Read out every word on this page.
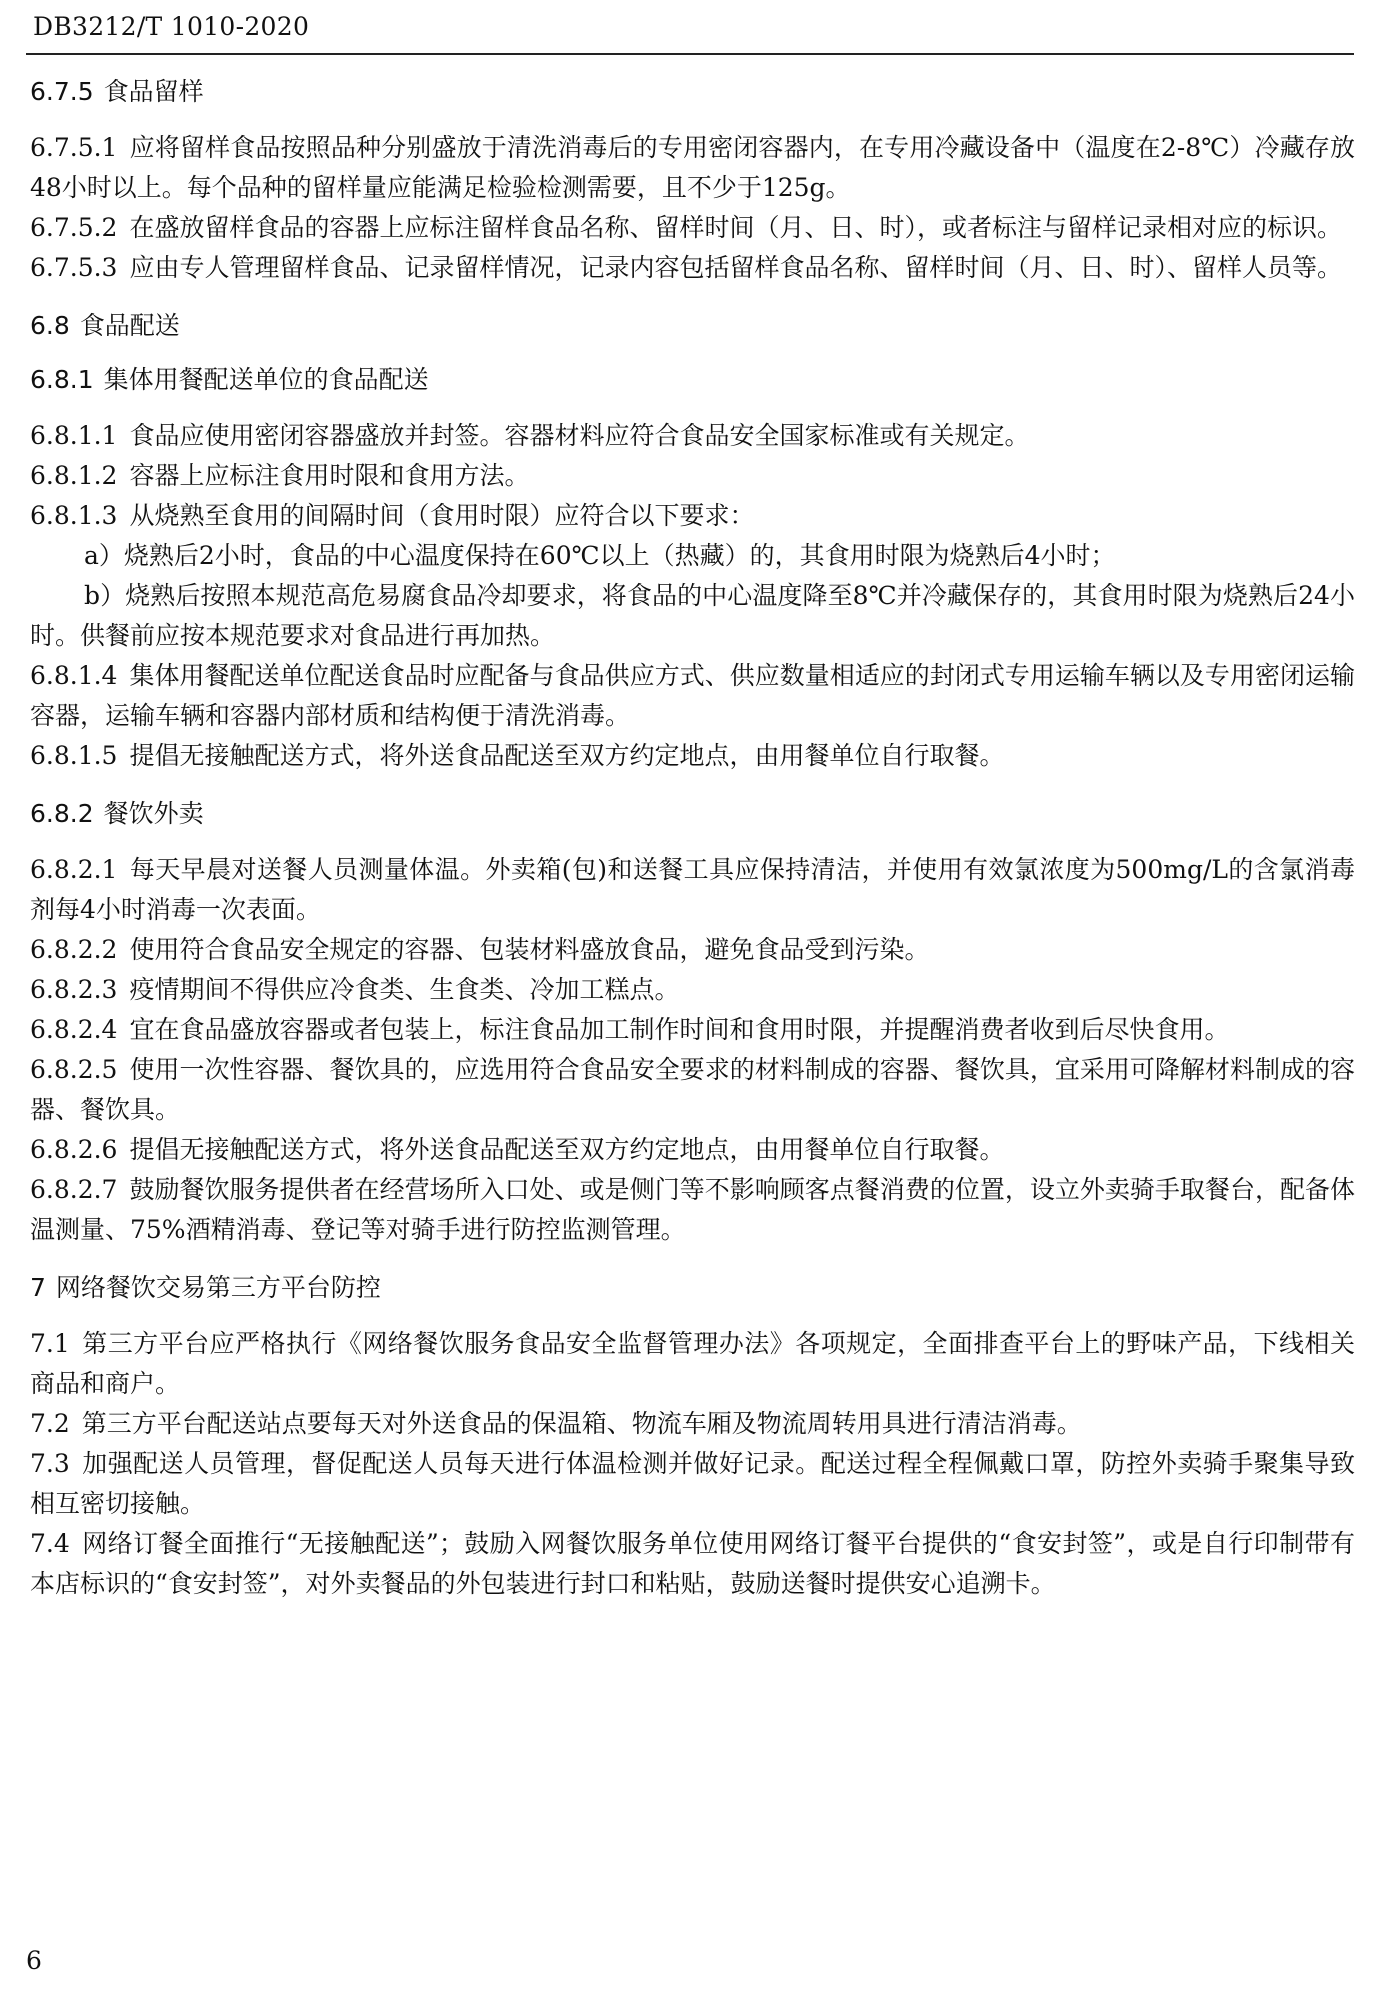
DB3212/T 1010-2020
6.7.5 食品留样

6.7.5.1 应将留样食品按照品种分别盛放于清洗消毒后的专用密闭容器内，在专用冷藏设备中（温度在2-8℃）冷藏存放48小时以上。每个品种的留样量应能满足检验检测需要，且不少于125g。

6.7.5.2 在盛放留样食品的容器上应标注留样食品名称、留样时间（月、日、时），或者标注与留样记录相对应的标识。

6.7.5.3 应由专人管理留样食品、记录留样情况，记录内容包括留样食品名称、留样时间（月、日、时）、留样人员等。

6.8 食品配送
6.8.1 集体用餐配送单位的食品配送

6.8.1.1 食品应使用密闭容器盛放并封签。容器材料应符合食品安全国家标准或有关规定。

6.8.1.2 容器上应标注食用时限和食用方法。

6.8.1.3 从烧熟至食用的间隔时间（食用时限）应符合以下要求：

a）烧熟后2小时，食品的中心温度保持在60℃以上（热藏）的，其食用时限为烧熟后4小时；

b）烧熟后按照本规范高危易腐食品冷却要求，将食品的中心温度降至8℃并冷藏保存的，其食用时限为烧熟后24小时。供餐前应按本规范要求对食品进行再加热。

6.8.1.4 集体用餐配送单位配送食品时应配备与食品供应方式、供应数量相适应的封闭式专用运输车辆以及专用密闭运输容器，运输车辆和容器内部材质和结构便于清洗消毒。

6.8.1.5 提倡无接触配送方式，将外送食品配送至双方约定地点，由用餐单位自行取餐。

6.8.2 餐饮外卖

6.8.2.1 每天早晨对送餐人员测量体温。外卖箱(包)和送餐工具应保持清洁，并使用有效氯浓度为500mg/L的含氯消毒剂每4小时消毒一次表面。

6.8.2.2 使用符合食品安全规定的容器、包装材料盛放食品，避免食品受到污染。

6.8.2.3 疫情期间不得供应冷食类、生食类、冷加工糕点。

6.8.2.4 宜在食品盛放容器或者包装上，标注食品加工制作时间和食用时限，并提醒消费者收到后尽快食用。

6.8.2.5 使用一次性容器、餐饮具的，应选用符合食品安全要求的材料制成的容器、餐饮具，宜采用可降解材料制成的容器、餐饮具。

6.8.2.6 提倡无接触配送方式，将外送食品配送至双方约定地点，由用餐单位自行取餐。

6.8.2.7 鼓励餐饮服务提供者在经营场所入口处、或是侧门等不影响顾客点餐消费的位置，设立外卖骑手取餐台，配备体温测量、75%酒精消毒、登记等对骑手进行防控监测管理。

7 网络餐饮交易第三方平台防控

7.1 第三方平台应严格执行《网络餐饮服务食品安全监督管理办法》各项规定，全面排查平台上的野味产品，下线相关商品和商户。

7.2 第三方平台配送站点要每天对外送食品的保温箱、物流车厢及物流周转用具进行清洁消毒。

7.3 加强配送人员管理，督促配送人员每天进行体温检测并做好记录。配送过程全程佩戴口罩，防控外卖骑手聚集导致相互密切接触。

7.4 网络订餐全面推行“无接触配送”；鼓励入网餐饮服务单位使用网络订餐平台提供的“食安封签”，或是自行印制带有本店标识的“食安封签”，对外卖餐品的外包装进行封口和粘贴，鼓励送餐时提供安心追溯卡。

6
